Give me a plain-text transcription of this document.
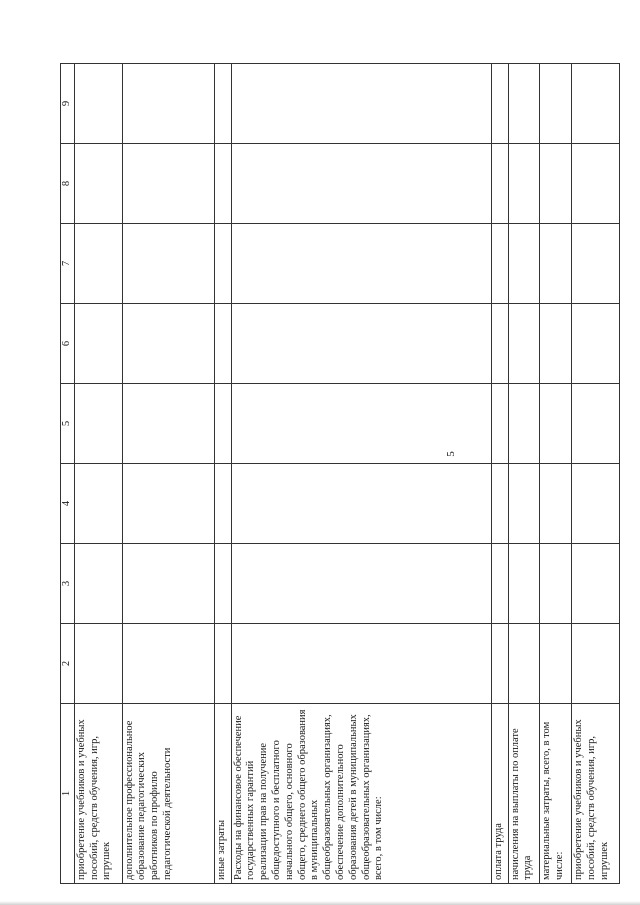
5
1	2	3	4	5	6	7	8	9
приобретение учебников и учебных пособий, средств обучения, игр, игрушек								
дополнительное профессиональное образование педагогических работников по профилю педагогической деятельности								
иные затраты								
Расходы на финансовое обеспечение государственных гарантий реализации прав на получение общедоступного и бесплатного начального общего, основного общего, среднего общего образования в муниципальных общеобразовательных организациях, обеспечение дополнительного образования детей в муниципальных общеобразовательных организациях, всего, в том числе:								
оплата труда								
начисления на выплаты по оплате труда								
материальные затраты, всего, в том числе:								
приобретение учебников и учебных пособий, средств обучения, игр, игрушек								
